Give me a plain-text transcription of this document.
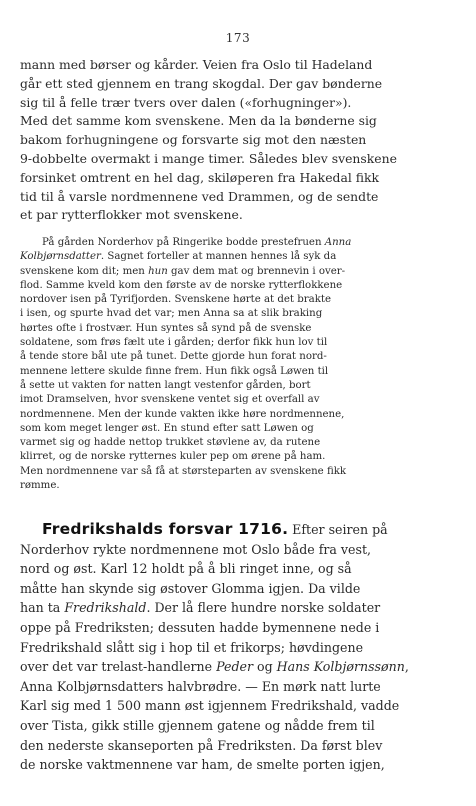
173
mann med børser og kårder. Veien fra Oslo til Hadeland
går ett sted gjennem en trang skogdal. Der gav bønderne
sig til å felle trær tvers over dalen («forhugninger»).
Med det samme kom svenskene. Men da la bønderne sig
bakom forhugningene og forsvarte sig mot den næsten
9-dobbelte overmakt i mange timer. Således blev svenskene
forsinket omtrent en hel dag, skiløperen fra Hakedal fikk
tid til å varsle nordmennene ved Drammen, og de sendte
et par rytterflokker mot svenskene.
På gården Norderhov på Ringerike bodde prestefruen Anna
Kolbjørnsdatter. Sagnet forteller at mannen hennes lå syk da
svenskene kom dit; men hun gav dem mat og brennevin i over-
flod. Samme kveld kom den første av de norske rytterflokkene
nordover isen på Tyrifjorden. Svenskene hørte at det brakte
i isen, og spurte hvad det var; men Anna sa at slik braking
hørtes ofte i frostvær. Hun syntes så synd på de svenske
soldatene, som frøs fælt ute i gården; derfor fikk hun lov til
å tende store bål ute på tunet. Dette gjorde hun forat nord-
mennene lettere skulde finne frem. Hun fikk også Løwen til
å sette ut vakten for natten langt vestenfor gården, bort
imot Dramselven, hvor svenskene ventet sig et overfall av
nordmennene. Men der kunde vakten ikke høre nordmennene,
som kom meget lenger øst. En stund efter satt Løwen og
varmet sig og hadde nettop trukket støvlene av, da rutene
klirret, og de norske rytternes kuler pep om ørene på ham.
Men nordmennene var så få at størsteparten av svenskene fikk
rømme.
Fredrikshalds forsvar 1716. Efter seiren på
Norderhov rykte nordmennene mot Oslo både fra vest,
nord og øst. Karl 12 holdt på å bli ringet inne, og så
måtte han skynde sig østover Glomma igjen. Da vilde
han ta Fredrikshald. Der lå flere hundre norske soldater
oppe på Fredriksten; dessuten hadde bymennene nede i
Fredrikshald slått sig i hop til et frikorps; høvdingene
over det var trelast-handlerne Peder og Hans Kolbjørnssønn,
Anna Kolbjørnsdatters halvbrødre. — En mørk natt lurte
Karl sig med 1 500 mann øst igjennem Fredrikshald, vadde
over Tista, gikk stille gjennem gatene og nådde frem til
den nederste skanseporten på Fredriksten. Da først blev
de norske vaktmennene var ham, de smelte porten igjen,
